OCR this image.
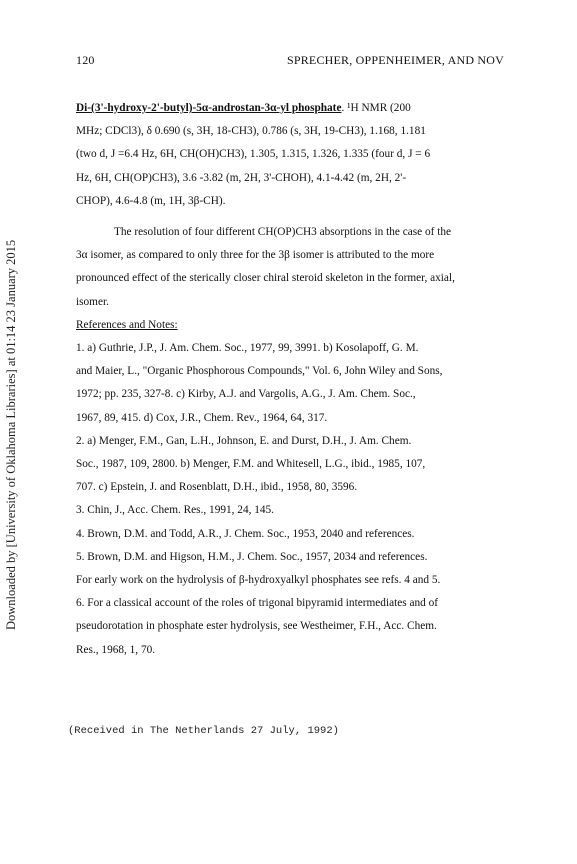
Downloaded by [University of Oklahoma Libraries] at 01:14 23 January 2015
120	SPRECHER, OPPENHEIMER, AND NOV

Di-(3'-hydroxy-2'-butyl)-5α-androstan-3α-yl phosphate. ¹H NMR (200

MHz; CDCl3), δ 0.690 (s, 3H, 18-CH3), 0.786 (s, 3H, 19-CH3), 1.168, 1.181

(two d, J =6.4 Hz, 6H, CH(OH)CH3), 1.305, 1.315, 1.326, 1.335 (four d, J = 6

Hz, 6H, CH(OP)CH3), 3.6 -3.82 (m, 2H, 3'-CHOH), 4.1-4.42 (m, 2H, 2'-

CHOP), 4.6-4.8 (m, 1H, 3β-CH).

The resolution of four different CH(OP)CH3 absorptions in the case of the

3α isomer, as compared to only three for the 3β isomer is attributed to the more

pronounced effect of the sterically closer chiral steroid skeleton in the former, axial,

isomer.

References and Notes:

1. a) Guthrie, J.P., J. Am. Chem. Soc., 1977, 99, 3991. b) Kosolapoff, G. M.

and Maier, L., "Organic Phosphorous Compounds," Vol. 6, John Wiley and Sons,

1972; pp. 235, 327-8. c) Kirby, A.J. and Vargolis, A.G., J. Am. Chem. Soc.,

1967, 89, 415. d) Cox, J.R., Chem. Rev., 1964, 64, 317.

2. a) Menger, F.M., Gan, L.H., Johnson, E. and Durst, D.H., J. Am. Chem.

Soc., 1987, 109, 2800. b) Menger, F.M. and Whitesell, L.G., ibid., 1985, 107,

707. c) Epstein, J. and Rosenblatt, D.H., ibid., 1958, 80, 3596.

3. Chin, J., Acc. Chem. Res., 1991, 24, 145.

4. Brown, D.M. and Todd, A.R., J. Chem. Soc., 1953, 2040 and references.

5. Brown, D.M. and Higson, H.M., J. Chem. Soc., 1957, 2034 and references.

For early work on the hydrolysis of β-hydroxyalkyl phosphates see refs. 4 and 5.

6. For a classical account of the roles of trigonal bipyramid intermediates and of

pseudorotation in phosphate ester hydrolysis, see Westheimer, F.H., Acc. Chem.

Res., 1968, 1, 70.

(Received in The Netherlands 27 July, 1992)
